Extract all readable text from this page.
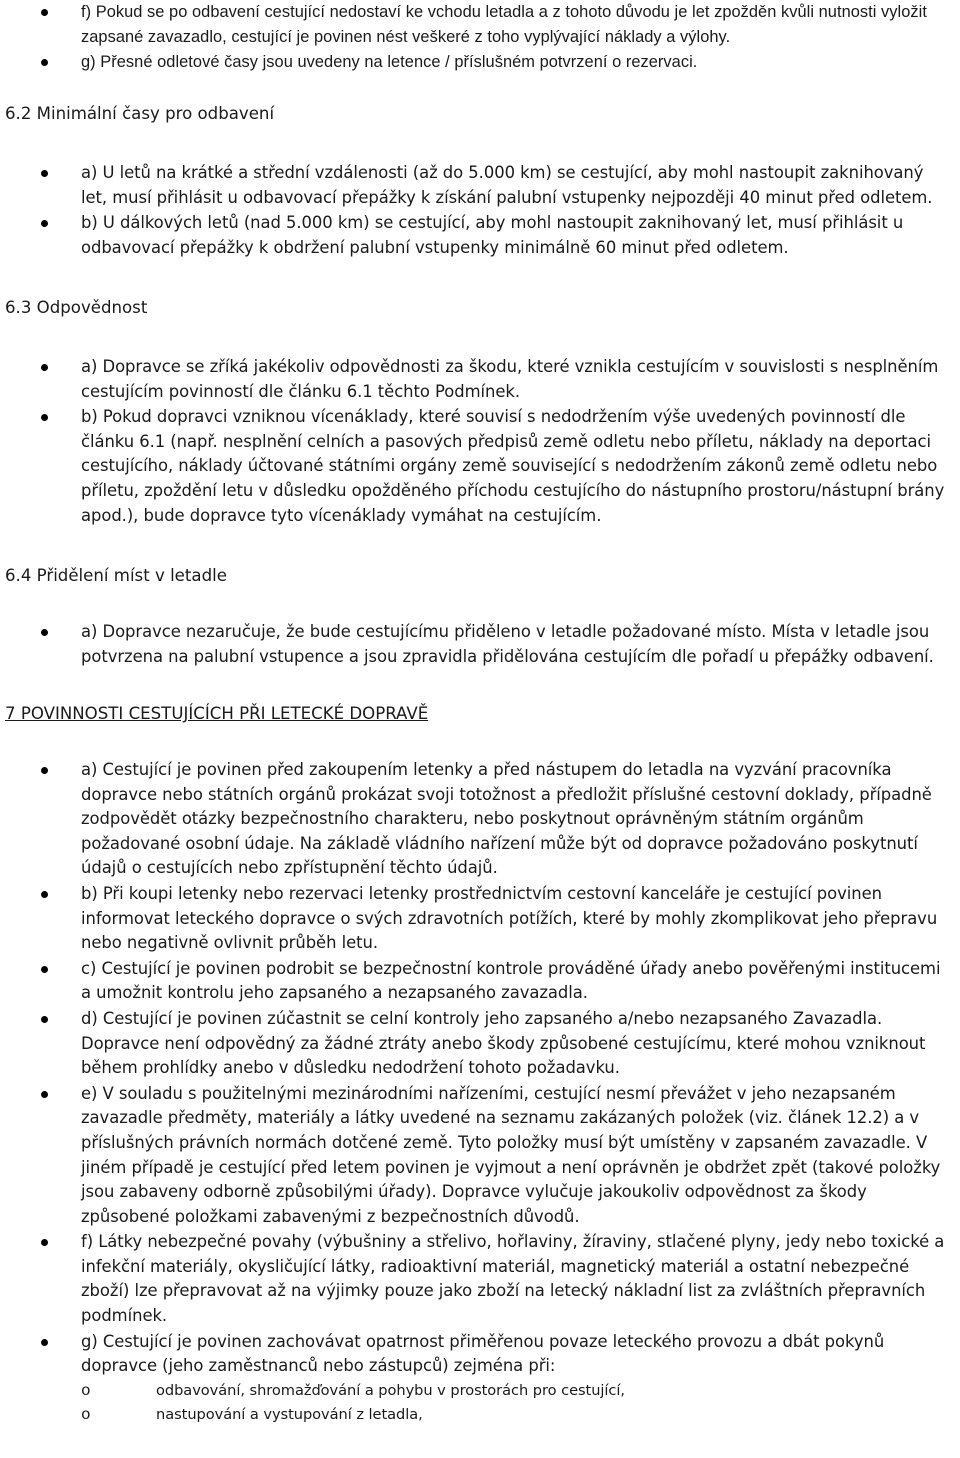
f) Pokud se po odbavení cestující nedostaví ke vchodu letadla a z tohoto důvodu je let zpožděn kvůli nutnosti vyložit zapsané zavazadlo, cestující je povinen nést veškeré z toho vyplývající náklady a výlohy.
g) Přesné odletové časy jsou uvedeny na letence / příslušném potvrzení o rezervaci.
6.2 Minimální časy pro odbavení
a) U letů na krátké a střední vzdálenosti (až do 5.000 km) se cestující, aby mohl nastoupit zaknihovaný let, musí přihlásit u odbavovací přepážky k získání palubní vstupenky nejpozději 40 minut před odletem.
b) U dálkových letů (nad 5.000 km) se cestující, aby mohl nastoupit zaknihovaný let, musí přihlásit u odbavovací přepážky k obdržení palubní vstupenky minimálně 60 minut před odletem.
6.3 Odpovědnost
a) Dopravce se zříká jakékoliv odpovědnosti za škodu, které vznikla cestujícím v souvislosti s nesplněním cestujícím povinností dle článku 6.1 těchto Podmínek.
b) Pokud dopravci vzniknou vícenáklady, které souvisí s nedodržením výše uvedených povinností dle článku 6.1 (např. nesplnění celních a pasových předpisů země odletu nebo příletu, náklady na deportaci cestujícího, náklady účtované státními orgány země související s nedodržením zákonů země odletu nebo příletu, zpoždění letu v důsledku opožděného příchodu cestujícího do nástupního prostoru/nástupní brány apod.), bude dopravce tyto vícenáklady vymáhat na cestujícím.
6.4 Přidělení míst v letadle
a) Dopravce nezaručuje, že bude cestujícímu přiděleno v letadle požadované místo. Místa v letadle jsou potvrzena na palubní vstupence a jsou zpravidla přidělována cestujícím dle pořadí u přepážky odbavení.
7 POVINNOSTI CESTUJÍCÍCH PŘI LETECKÉ DOPRAVĚ
a) Cestující je povinen před zakoupením letenky a před nástupem do letadla na vyzvání pracovníka dopravce nebo státních orgánů prokázat svoji totožnost a předložit příslušné cestovní doklady, případně zodpovědět otázky bezpečnostního charakteru, nebo poskytnout oprávněným státním orgánům požadované osobní údaje. Na základě vládního nařízení může být od dopravce požadováno poskytnutí údajů o cestujících nebo zpřístupnění těchto údajů.
b) Při koupi letenky nebo rezervaci letenky prostřednictvím cestovní kanceláře je cestující povinen informovat leteckého dopravce o svých zdravotních potížích, které by mohly zkomplikovat jeho přepravu nebo negativně ovlivnit průběh letu.
c) Cestující je povinen podrobit se bezpečnostní kontrole prováděné úřady anebo pověřenými institucemi a umožnit kontrolu jeho zapsaného a nezapsaného zavazadla.
d) Cestující je povinen zúčastnit se celní kontroly jeho zapsaného a/nebo nezapsaného Zavazadla. Dopravce není odpovědný za žádné ztráty anebo škody způsobené cestujícímu, které mohou vzniknout během prohlídky anebo v důsledku nedodržení tohoto požadavku.
e) V souladu s použitelnými mezinárodními nařízeními, cestující nesmí převážet v jeho nezapsaném zavazadle předměty, materiály a látky uvedené na seznamu zakázaných položek (viz. článek 12.2) a v příslušných právních normách dotčené země. Tyto položky musí být umístěny v zapsaném zavazadle. V jiném případě je cestující před letem povinen je vyjmout a není oprávněn je obdržet zpět (takové položky jsou zabaveny odborně způsobilými úřady). Dopravce vylučuje jakoukoliv odpovědnost za škody způsobené položkami zabavenými z bezpečnostních důvodů.
f) Látky nebezpečné povahy (výbušniny a střelivo, hořlaviny, žíraviny, stlačené plyny, jedy nebo toxické a infekční materiály, okysličující látky, radioaktivní materiál, magnetický materiál a ostatní nebezpečné zboží) lze přepravovat až na výjimky pouze jako zboží na letecký nákladní list za zvláštních přepravních podmínek.
g) Cestující je povinen zachovávat opatrnost přiměřenou povaze leteckého provozu a dbát pokynů dopravce (jeho zaměstnanců nebo zástupců) zejména při:
o odbavování, shromažďování a pohybu v prostorách pro cestující,
o nastupování a vystupování z letadla,
